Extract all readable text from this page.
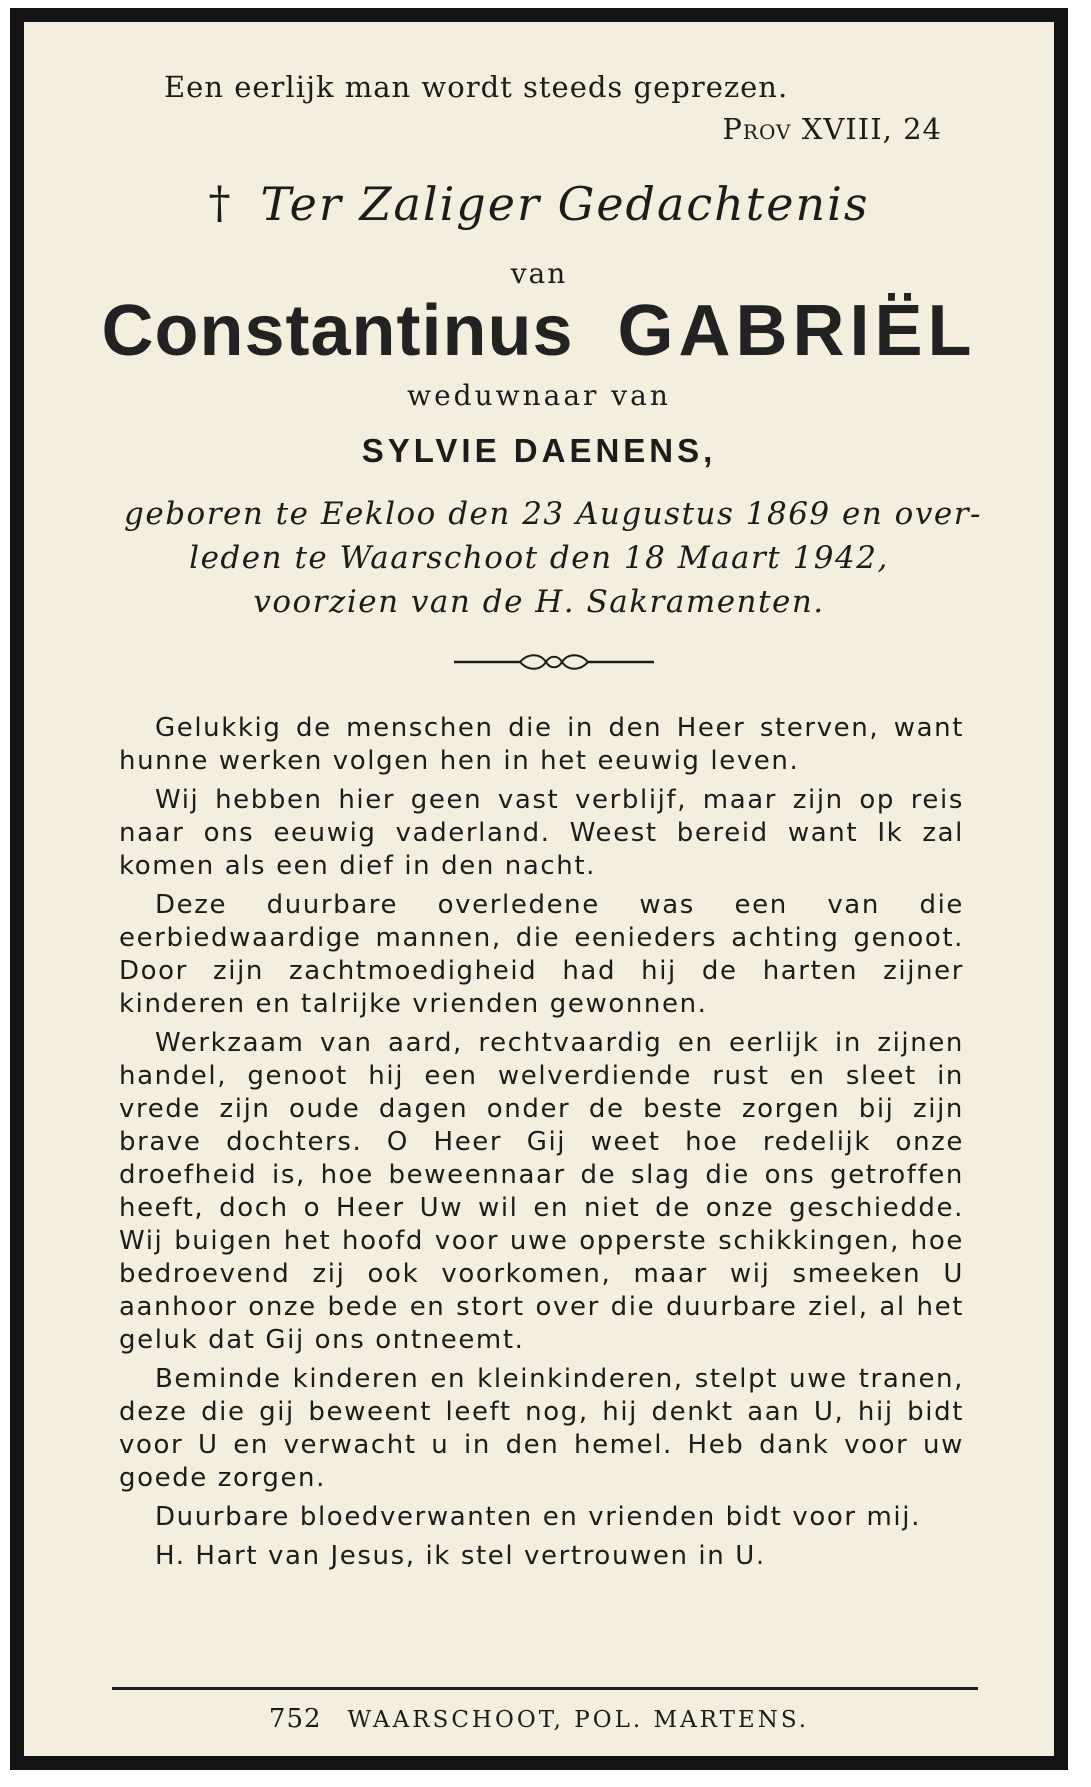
Een eerlijk man wordt steeds geprezen.
Prov XVIII, 24
† Ter Zaliger Gedachtenis
van
Constantinus GABRIËL
weduwnaar van
SYLVIE DAENENS,
geboren te Eekloo den 23 Augustus 1869 en over-
leden te Waarschoot den 18 Maart 1942,
voorzien van de H. Sakramenten.

Gelukkig de menschen die in den Heer sterven, want hunne werken volgen hen in het eeuwig leven.

Wij hebben hier geen vast verblijf, maar zijn op reis naar ons eeuwig vaderland. Weest bereid want Ik zal komen als een dief in den nacht.

Deze duurbare overledene was een van die eerbiedwaardige mannen, die eenieders achting genoot. Door zijn zachtmoedigheid had hij de harten zijner kinderen en talrijke vrienden gewonnen.

Werkzaam van aard, rechtvaardig en eerlijk in zijnen handel, genoot hij een welverdiende rust en sleet in vrede zijn oude dagen onder de beste zorgen bij zijn brave dochters. O Heer Gij weet hoe redelijk onze droefheid is, hoe beweennaar de slag die ons getroffen heeft, doch o Heer Uw wil en niet de onze geschiedde. Wij buigen het hoofd voor uwe opperste schikkingen, hoe bedroevend zij ook voorkomen, maar wij smeeken U aanhoor onze bede en stort over die duurbare ziel, al het geluk dat Gij ons ontneemt.

Beminde kinderen en kleinkinderen, stelpt uwe tranen, deze die gij beweent leeft nog, hij denkt aan U, hij bidt voor U en verwacht u in den hemel. Heb dank voor uw goede zorgen.

Duurbare bloedverwanten en vrienden bidt voor mij.

H. Hart van Jesus, ik stel vertrouwen in U.

752 WAARSCHOOT, POL. MARTENS.
